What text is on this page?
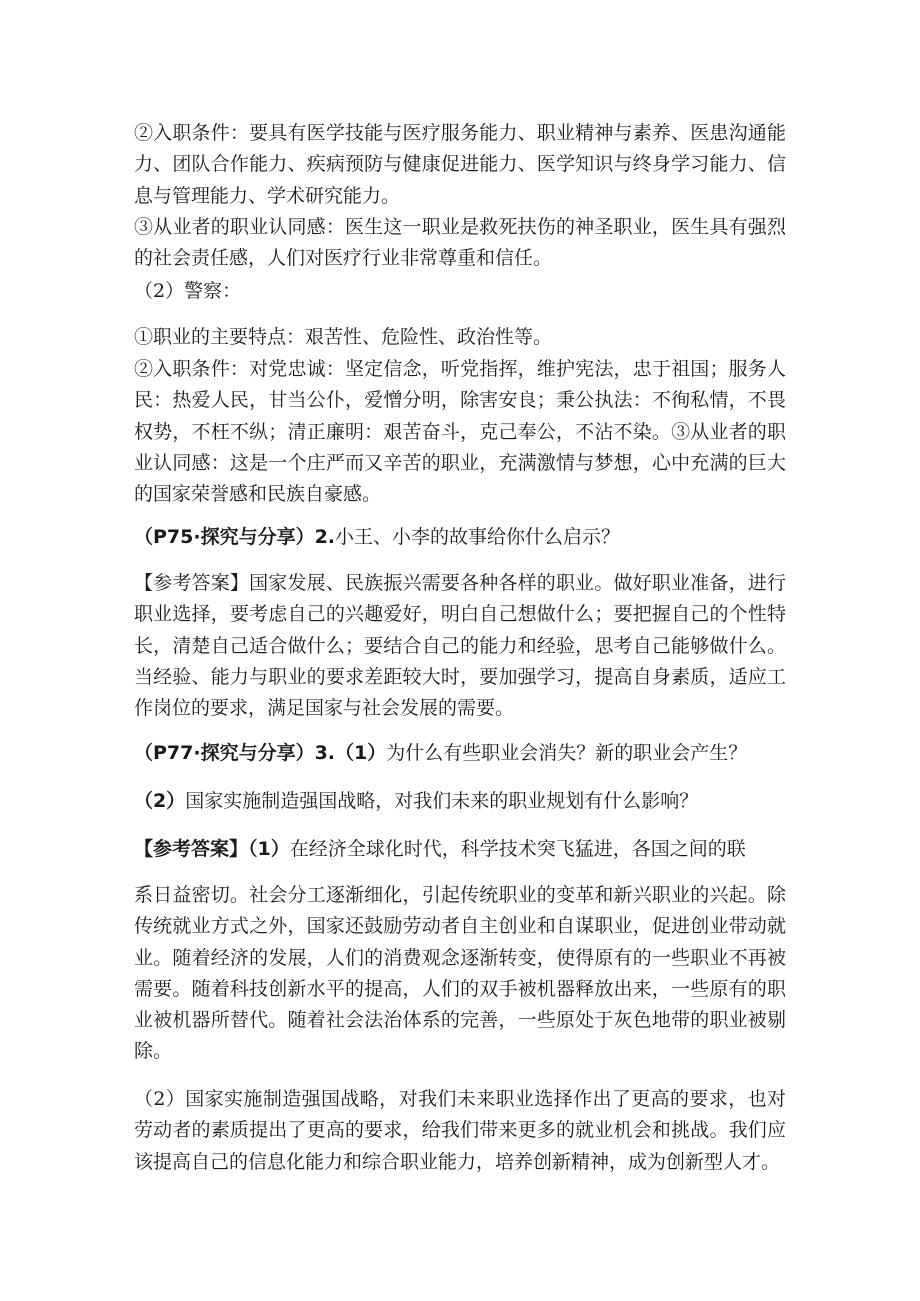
②入职条件：要具有医学技能与医疗服务能力、职业精神与素养、医患沟通能力、团队合作能力、疾病预防与健康促进能力、医学知识与终身学习能力、信息与管理能力、学术研究能力。

③从业者的职业认同感：医生这一职业是救死扶伤的神圣职业，医生具有强烈的社会责任感，人们对医疗行业非常尊重和信任。

（2）警察：

①职业的主要特点：艰苦性、危险性、政治性等。

②入职条件：对党忠诚：坚定信念，听党指挥，维护宪法，忠于祖国；服务人民：热爱人民，甘当公仆，爱憎分明，除害安良；秉公执法：不徇私情，不畏权势，不枉不纵；清正廉明：艰苦奋斗，克己奉公，不沾不染。③从业者的职业认同感：这是一个庄严而又辛苦的职业，充满激情与梦想，心中充满的巨大的国家荣誉感和民族自豪感。

（P75·探究与分享）2.小王、小李的故事给你什么启示？

【参考答案】国家发展、民族振兴需要各种各样的职业。做好职业准备，进行职业选择，要考虑自己的兴趣爱好，明白自己想做什么；要把握自己的个性特长，清楚自己适合做什么；要结合自己的能力和经验，思考自己能够做什么。当经验、能力与职业的要求差距较大时，要加强学习，提高自身素质，适应工作岗位的要求，满足国家与社会发展的需要。

（P77·探究与分享）3.（1）为什么有些职业会消失？新的职业会产生？

（2）国家实施制造强国战略，对我们未来的职业规划有什么影响？

【参考答案】（1）在经济全球化时代，科学技术突飞猛进，各国之间的联

系日益密切。社会分工逐渐细化，引起传统职业的变革和新兴职业的兴起。除传统就业方式之外，国家还鼓励劳动者自主创业和自谋职业，促进创业带动就业。随着经济的发展，人们的消费观念逐渐转变，使得原有的一些职业不再被需要。随着科技创新水平的提高，人们的双手被机器释放出来，一些原有的职业被机器所替代。随着社会法治体系的完善，一些原处于灰色地带的职业被剔除。

（2）国家实施制造强国战略，对我们未来职业选择作出了更高的要求，也对劳动者的素质提出了更高的要求，给我们带来更多的就业机会和挑战。我们应该提高自己的信息化能力和综合职业能力，培养创新精神，成为创新型人才。
